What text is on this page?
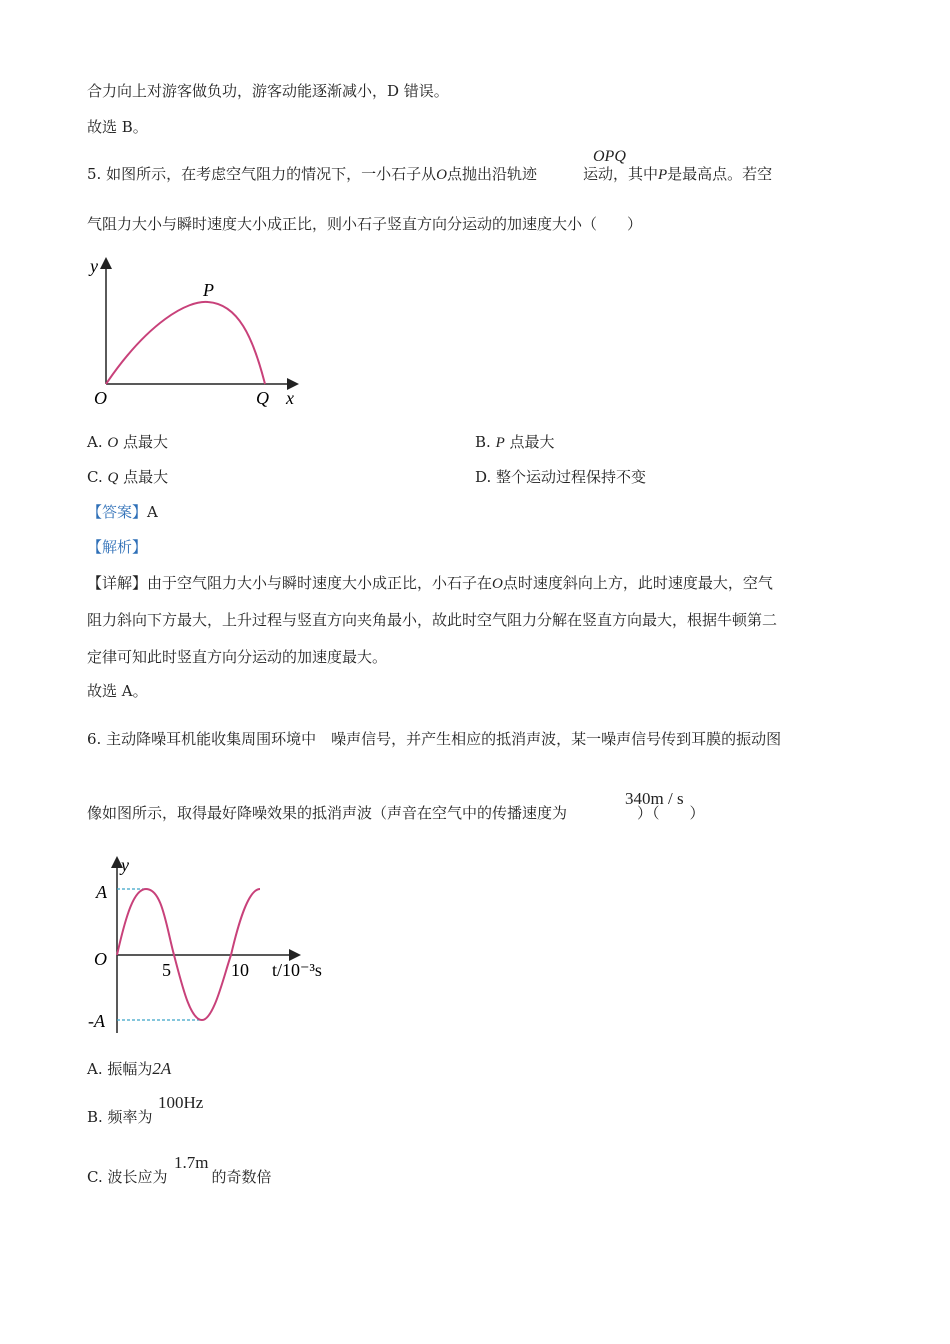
合力向上对游客做负功，游客动能逐渐减小，D 错误。
故选 B。
5. 如图所示，在考虑空气阻力的情况下，一小石子从O点抛出沿轨迹	运动，其中P是最高点。若空
OPQ
气阻力大小与瞬时速度大小成正比，则小石子竖直方向分运动的加速度大小（　　）
y
P
O	Q x
A. O 点最大	B. P 点最大
C. Q 点最大	D. 整个运动过程保持不变
【答案】A
【解析】
【详解】由于空气阻力大小与瞬时速度大小成正比，小石子在O点时速度斜向上方，此时速度最大，空气
阻力斜向下方最大，上升过程与竖直方向夹角最小，故此时空气阻力分解在竖直方向最大，根据牛顿第二
定律可知此时竖直方向分运动的加速度最大。
故选 A。
6. 主动降噪耳机能收集周围环境中　噪声信号，并产生相应的抵消声波，某一噪声信号传到耳膜的振动图
像如图所示，取得最好降噪效果的抵消声波（声音在空气中的传播速度为	）（　　）
340m / s
y
A
O
5	10 t/10⁻³s
-A
A. 振幅为2A
B. 频率为
100Hz
C. 波长应为	的奇数倍
1.7m
